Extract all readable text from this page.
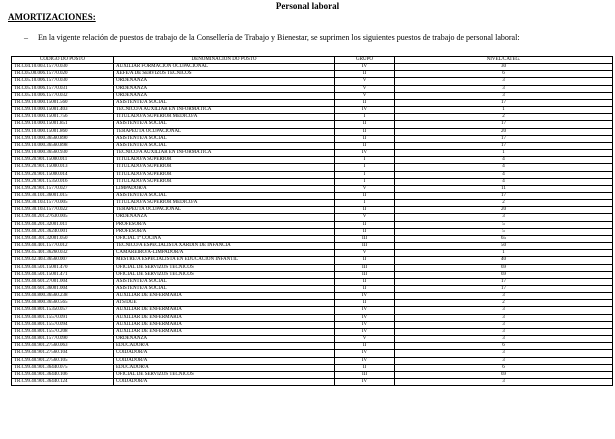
Personal laboral
AMORTIZACIONES:
– En la vigente relación de puestos de trabajo de la Consellería de Trabajo y Bienestar, se suprimen los siguientes puestos de trabajo de personal laboral:
CÓDIGO DO POSTO	DENOMINACIÓN DO POSTO	GRUPO	NIVEL/CATEG.
TR.C04.10.003.15770.030	AUXILIAR FORMACIÓN OCUPACIONAL	IV	30
TR.C05.00.006.15770.020	XEFE/A DE SERVIZOS TÉCNICOS	II	6
TR.C05.10.006.15770.030	ORDENANZA	V	3
TR.C05.10.006.15770.031	ORDENANZA	V	3
TR.C05.10.006.15770.032	ORDENANZA	V	3
TR.C99.10.000.15001.560	ASISTENTE/A SOCIAL	II	17
TR.C99.10.000.15001.403	TÉCNICO/A AUXILIAR EN INFORMÁTICA	IV	1
TR.C99.10.000.15001.756	TITULADO/A SUPERIOR MÉDICO/A	I	2
TR.C99.10.000.15001.851	ASISTENTE/A SOCIAL	II	17
TR.C99.10.000.15001.860	TERAPEUTA OCUPACIONAL	II	20
TR.C99.10.000.36560.890	ASISTENTE/A SOCIAL	II	17
TR.C99.10.000.36560.898	ASISTENTE/A SOCIAL	II	17
TR.C99.10.000.36560.930	TÉCNICO/A AUXILIAR EN INFORMÁTICA	IV	1
TR.C99.20.901.15000.011	TITULADO/A SUPERIOR	I	4
TR.C99.20.901.15000.013	TITULADO/A SUPERIOR	I	4
TR.C99.20.901.15000.014	TITULADO/A SUPERIOR	I	4
TR.C99.20.901.15350.016	TITULADO/A SUPERIOR	I	4
TR.C99.20.901.15770.027	LIMPADOR/A	V	11
TR.C99.30.101.36001.015	ASISTENTE/A SOCIAL	II	17
TR.C99.30.103.15770.005	TITULADO/A SUPERIOR MÉDICO/A	I	2
TR.C99.30.103.15770.022	TERAPEUTA OCUPACIONAL	II	20
TR.C99.40.201.27630.005	ORDENANZA	V	3
TR.C99.40.201.32001.011	PROFESOR/A	II	5
TR.C99.40.201.36240.001	PROFESOR/A	II	5
TR.C99.40.301.32001.050	OFICIAL 1ª COCIÑA	III	65
TR.C99.40.401.15770.012	TÉCNICO/A ESPECIALISTA XARDÍN DE INFANCIA	III	50
TR.C99.45.401.36260.032	CAMAREIRO/A-LIMPADOR/A	V	1
TR.C99.42.403.36560.007	MESTRE/A ESPECIALISTA EN EDUCACIÓN INFANTIL	II	40
TR.C99.40.501.15001.470	OFICIAL DE SERVIZOS TÉCNICOS	III	69
TR.C99.40.501.15001.471	OFICIAL DE SERVIZOS TÉCNICOS	III	69
TR.C99.40.601.27001.004	ASISTENTE/A SOCIAL	II	17
TR.C99.40.601.36001.004	ASISTENTE/A SOCIAL	II	17
TR.C99.40.800.36560.238	AUXILIAR DE ENFERMARÍA	IV	3
TR.C99.40.800.36560.565	ATS/DUE	II	2
TR.C99.40.801.15350.057	AUXILIAR DE ENFERMARÍA	IV	3
TR.C99.40.801.15570.091	AUXILIAR DE ENFERMARÍA	IV	3
TR.C99.40.801.15570.094	AUXILIAR DE ENFERMARÍA	IV	3
TR.C99.40.801.15570.208	AUXILIAR DE ENFERMARÍA	IV	3
TR.C99.40.801.15770.090	ORDENANZA	V	3
TR.C99.40.901.27560.063	EDUCADOR/A	II	6
TR.C99.40.901.27560.104	COIDADOR/A	IV	3
TR.C99.40.901.27560.105	COIDADOR/A	IV	3
TR.C99.40.901.36440.075	EDUCADOR/A	II	6
TR.C99.40.901.36440.106	OFICIAL DE SERVIZOS TÉCNICOS	III	69
TR.C99.40.901.36440.124	COIDADOR/A	IV	3
